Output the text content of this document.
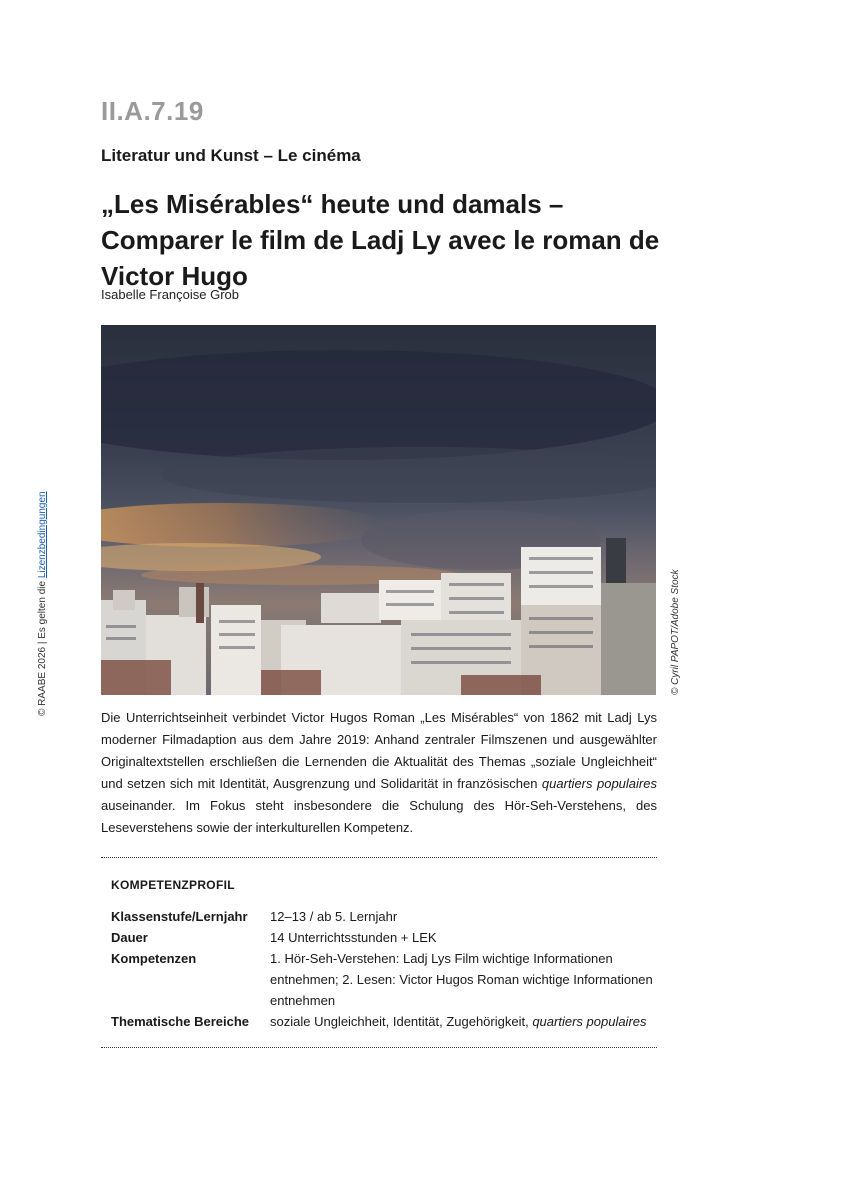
II.A.7.19
Literatur und Kunst – Le cinéma
„Les Misérables“ heute und damals – Comparer le film de Ladj Ly avec le roman de Victor Hugo
Isabelle Françoise Grob
© Cyril PAPOT/Adobe Stock
© RAABE 2026 | Es gelten die Lizenzbedingungen
Die Unterrichtseinheit verbindet Victor Hugos Roman „Les Misérables“ von 1862 mit Ladj Lys moderner Filmadaption aus dem Jahre 2019: Anhand zentraler Filmszenen und ausgewählter Originaltextstellen erschließen die Lernenden die Aktualität des Themas „soziale Ungleichheit“ und setzen sich mit Identität, Ausgrenzung und Solidarität in französischen quartiers populaires auseinander. Im Fokus steht insbesondere die Schulung des Hör-Seh-Verstehens, des Leseverstehens sowie der interkulturellen Kompetenz.
KOMPETENZPROFIL
Klassenstufe/Lernjahr	12–13 / ab 5. Lernjahr
Dauer	14 Unterrichtsstunden + LEK
Kompetenzen	1. Hör-Seh-Verstehen: Ladj Lys Film wichtige Informationen entnehmen; 2. Lesen: Victor Hugos Roman wichtige Informationen entnehmen
Thematische Bereiche	soziale Ungleichheit, Identität, Zugehörigkeit, quartiers populaires
